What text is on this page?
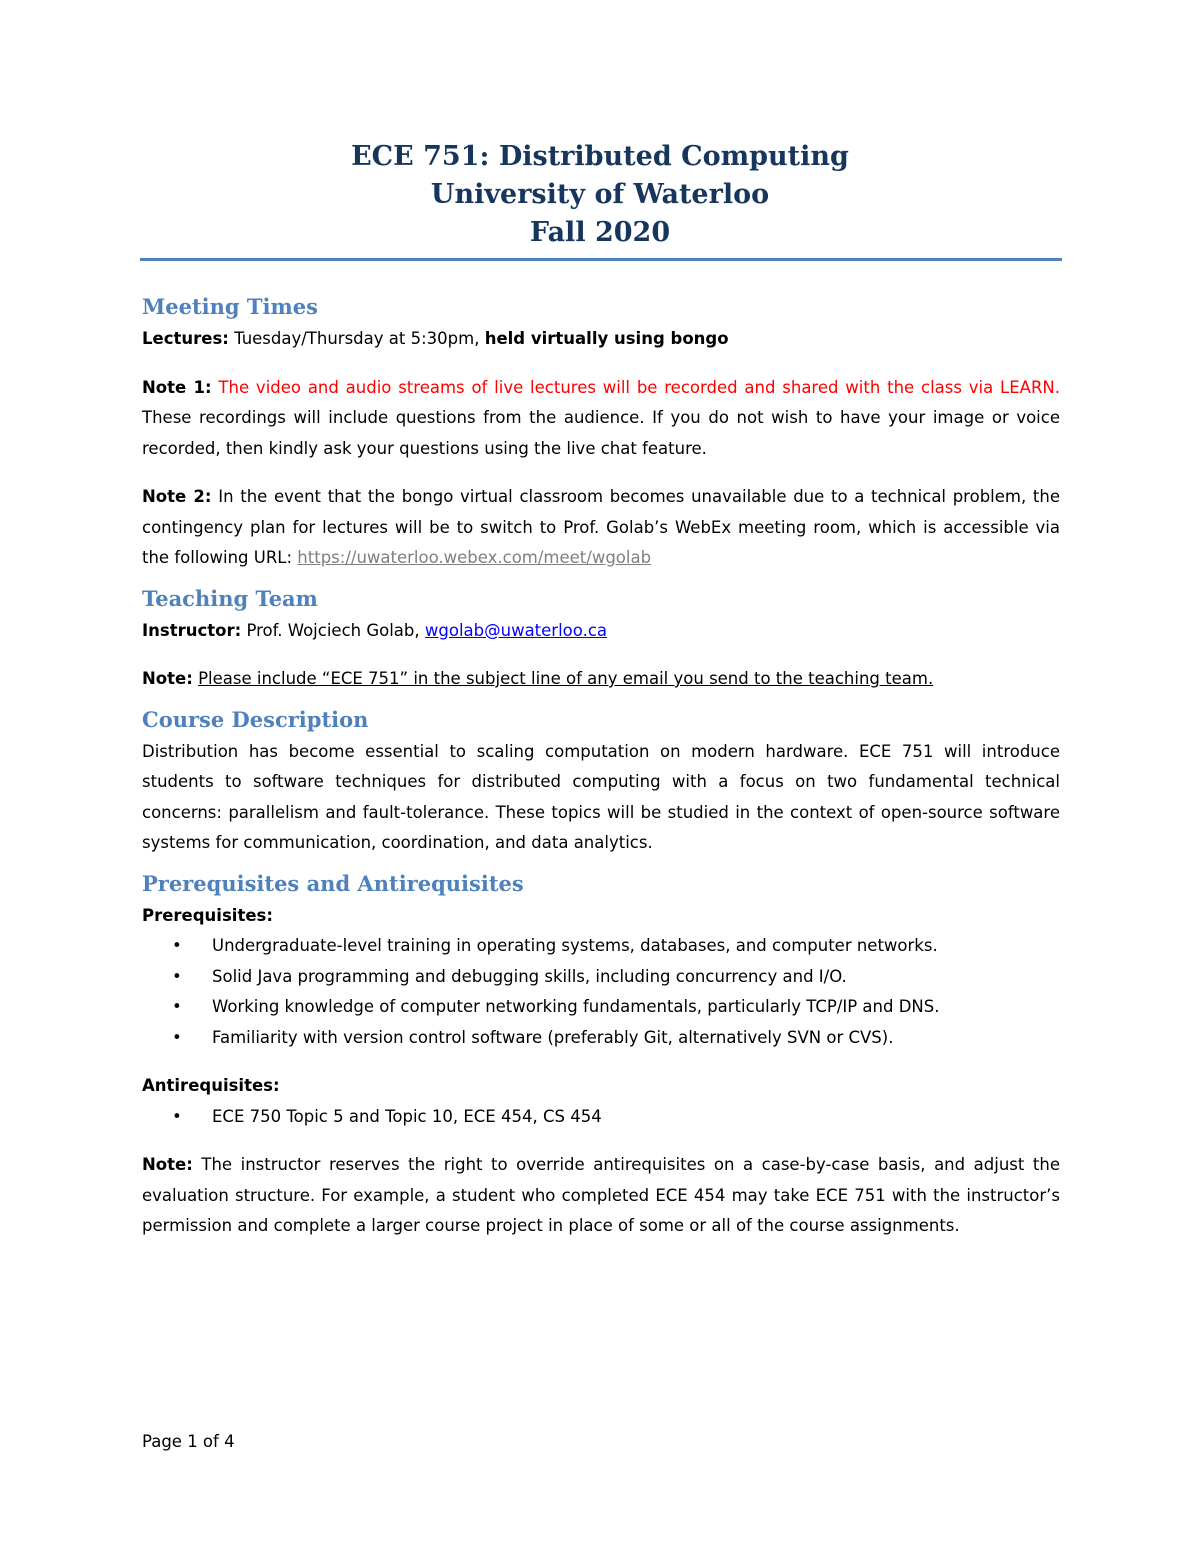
ECE 751: Distributed Computing
University of Waterloo
Fall 2020
Meeting Times

Lectures: Tuesday/Thursday at 5:30pm, held virtually using bongo

Note 1: The video and audio streams of live lectures will be recorded and shared with the class via LEARN. These recordings will include questions from the audience. If you do not wish to have your image or voice recorded, then kindly ask your questions using the live chat feature.

Note 2: In the event that the bongo virtual classroom becomes unavailable due to a technical problem, the contingency plan for lectures will be to switch to Prof. Golab’s WebEx meeting room, which is accessible via the following URL: https://uwaterloo.webex.com/meet/wgolab

Teaching Team

Instructor: Prof. Wojciech Golab, wgolab@uwaterloo.ca

Note: Please include “ECE 751” in the subject line of any email you send to the teaching team.

Course Description

Distribution has become essential to scaling computation on modern hardware. ECE 751 will introduce students to software techniques for distributed computing with a focus on two fundamental technical concerns: parallelism and fault-tolerance. These topics will be studied in the context of open-source software systems for communication, coordination, and data analytics.

Prerequisites and Antirequisites

Prerequisites:

• Undergraduate-level training in operating systems, databases, and computer networks.
• Solid Java programming and debugging skills, including concurrency and I/O.
• Working knowledge of computer networking fundamentals, particularly TCP/IP and DNS.
• Familiarity with version control software (preferably Git, alternatively SVN or CVS).

Antirequisites:

• ECE 750 Topic 5 and Topic 10, ECE 454, CS 454

Note: The instructor reserves the right to override antirequisites on a case-by-case basis, and adjust the evaluation structure. For example, a student who completed ECE 454 may take ECE 751 with the instructor’s permission and complete a larger course project in place of some or all of the course assignments.

Page 1 of 4
